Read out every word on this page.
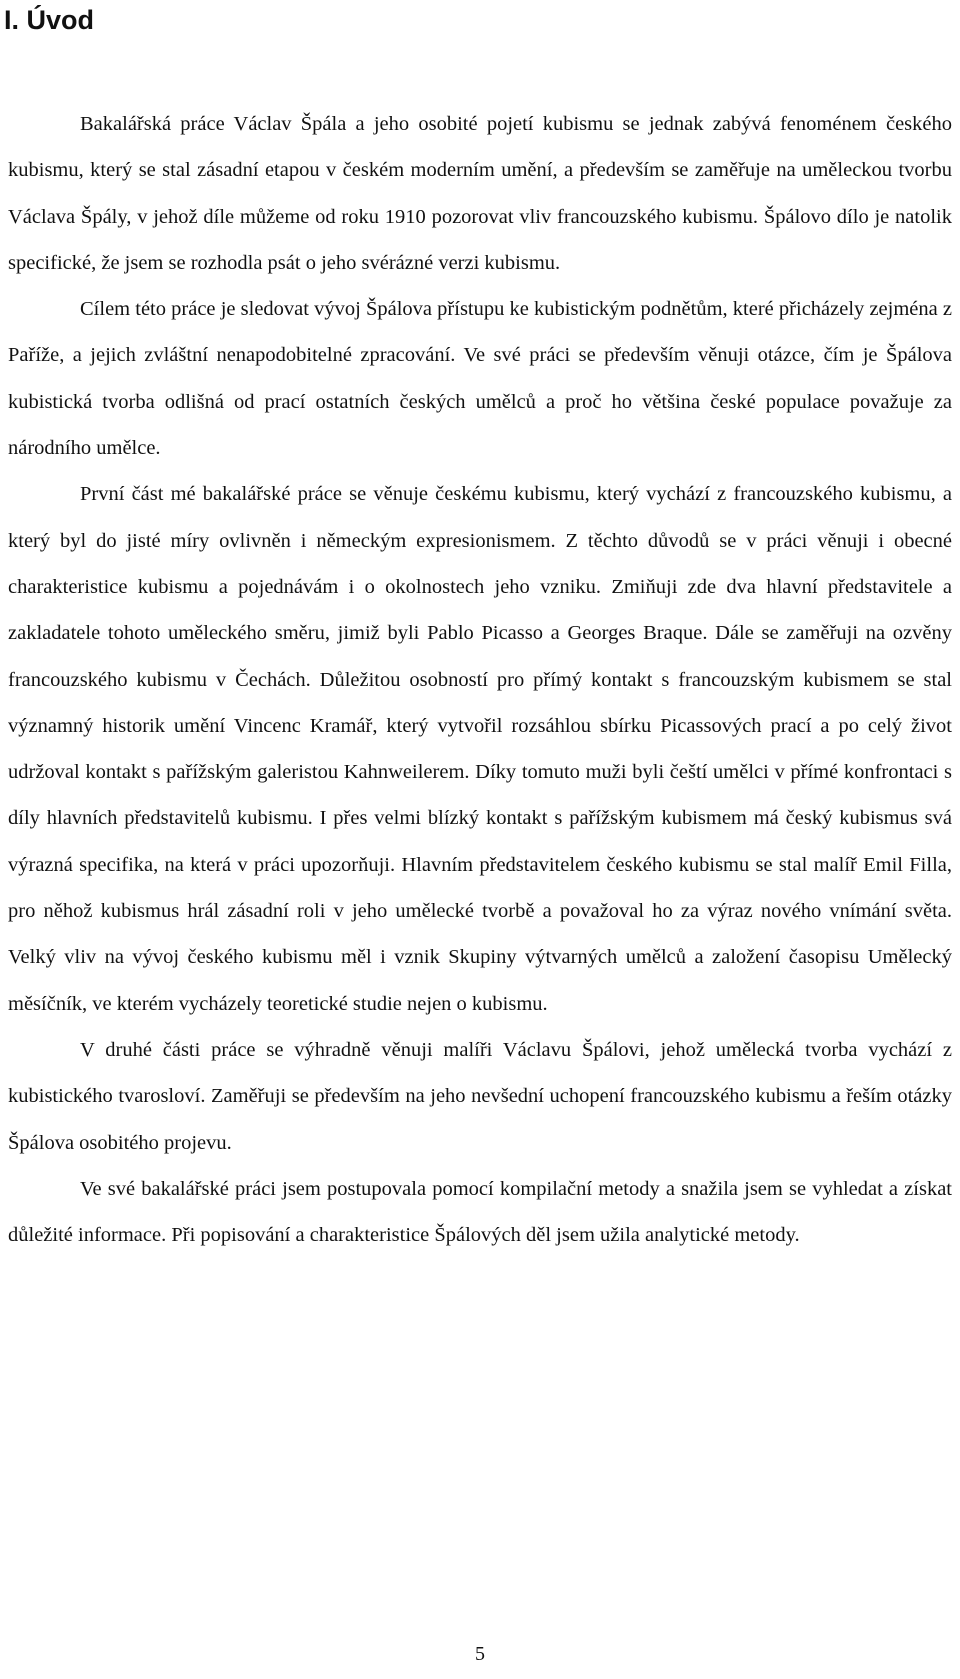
I. Úvod

Bakalářská práce Václav Špála a jeho osobité pojetí kubismu se jednak zabývá fenoménem českého kubismu, který se stal zásadní etapou v českém moderním umění, a především se zaměřuje na uměleckou tvorbu Václava Špály, v jehož díle můžeme od roku 1910 pozorovat vliv francouzského kubismu. Špálovo dílo je natolik specifické, že jsem se rozhodla psát o jeho svérázné verzi kubismu.

Cílem této práce je sledovat vývoj Špálova přístupu ke kubistickým podnětům, které přicházely zejména z Paříže, a jejich zvláštní nenapodobitelné zpracování. Ve své práci se především věnuji otázce, čím je Špálova kubistická tvorba odlišná od prací ostatních českých umělců a proč ho většina české populace považuje za národního umělce.

První část mé bakalářské práce se věnuje českému kubismu, který vychází z francouzského kubismu, a který byl do jisté míry ovlivněn i německým expresionismem. Z těchto důvodů se v práci věnuji i obecné charakteristice kubismu a pojednávám i o okolnostech jeho vzniku. Zmiňuji zde dva hlavní představitele a zakladatele tohoto uměleckého směru, jimiž byli Pablo Picasso a Georges Braque. Dále se zaměřuji na ozvěny francouzského kubismu v Čechách. Důležitou osobností pro přímý kontakt s francouzským kubismem se stal významný historik umění Vincenc Kramář, který vytvořil rozsáhlou sbírku Picassových prací a po celý život udržoval kontakt s pařížským galeristou Kahnweilerem. Díky tomuto muži byli čeští umělci v přímé konfrontaci s díly hlavních představitelů kubismu. I přes velmi blízký kontakt s pařížským kubismem má český kubismus svá výrazná specifika, na která v práci upozorňuji. Hlavním představitelem českého kubismu se stal malíř Emil Filla, pro něhož kubismus hrál zásadní roli v jeho umělecké tvorbě a považoval ho za výraz nového vnímání světa. Velký vliv na vývoj českého kubismu měl i vznik Skupiny výtvarných umělců a založení časopisu Umělecký měsíčník, ve kterém vycházely teoretické studie nejen o kubismu.

V druhé části práce se výhradně věnuji malíři Václavu Špálovi, jehož umělecká tvorba vychází z kubistického tvarosloví. Zaměřuji se především na jeho nevšední uchopení francouzského kubismu a řeším otázky Špálova osobitého projevu.

Ve své bakalářské práci jsem postupovala pomocí kompilační metody a snažila jsem se vyhledat a získat důležité informace. Při popisování a charakteristice Špálových děl jsem užila analytické metody.

5
